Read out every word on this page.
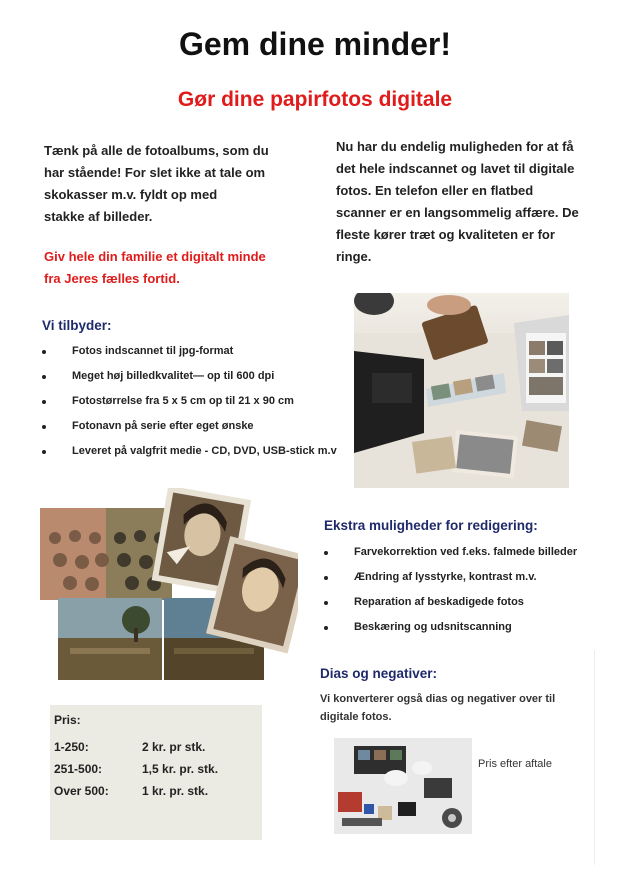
Gem dine minder!
Gør dine papirfotos digitale
Tænk på alle de fotoalbums, som du
har stående! For slet ikke at tale om
skokasser m.v. fyldt op med
stakke af billeder.
Giv hele din familie et digitalt minde
fra Jeres fælles fortid.
Nu har du endelig muligheden for at få
det hele indscannet og lavet til digitale
fotos. En telefon eller en flatbed
scanner er en langsommelig affære. De
fleste kører træt og kvaliteten er for
ringe.
Vi tilbyder:
Fotos indscannet til jpg-format
Meget høj billedkvalitet— op til 600 dpi
Fotostørrelse fra 5 x 5 cm op til 21 x 90 cm
Fotonavn på serie efter eget ønske
Leveret på valgfrit medie - CD, DVD, USB-stick m.v
Ekstra muligheder for redigering:
Farvekorrektion ved f.eks. falmede billeder
Ændring af lysstyrke, kontrast m.v.
Reparation af beskadigede fotos
Beskæring og udsnitscanning
Dias og negativer:
Vi konverterer også dias og negativer over til
digitale fotos.
Pris efter aftale
Pris:
1-250:	2 kr. pr stk.
251-500:	1,5 kr. pr. stk.
Over 500:	1 kr. pr. stk.
